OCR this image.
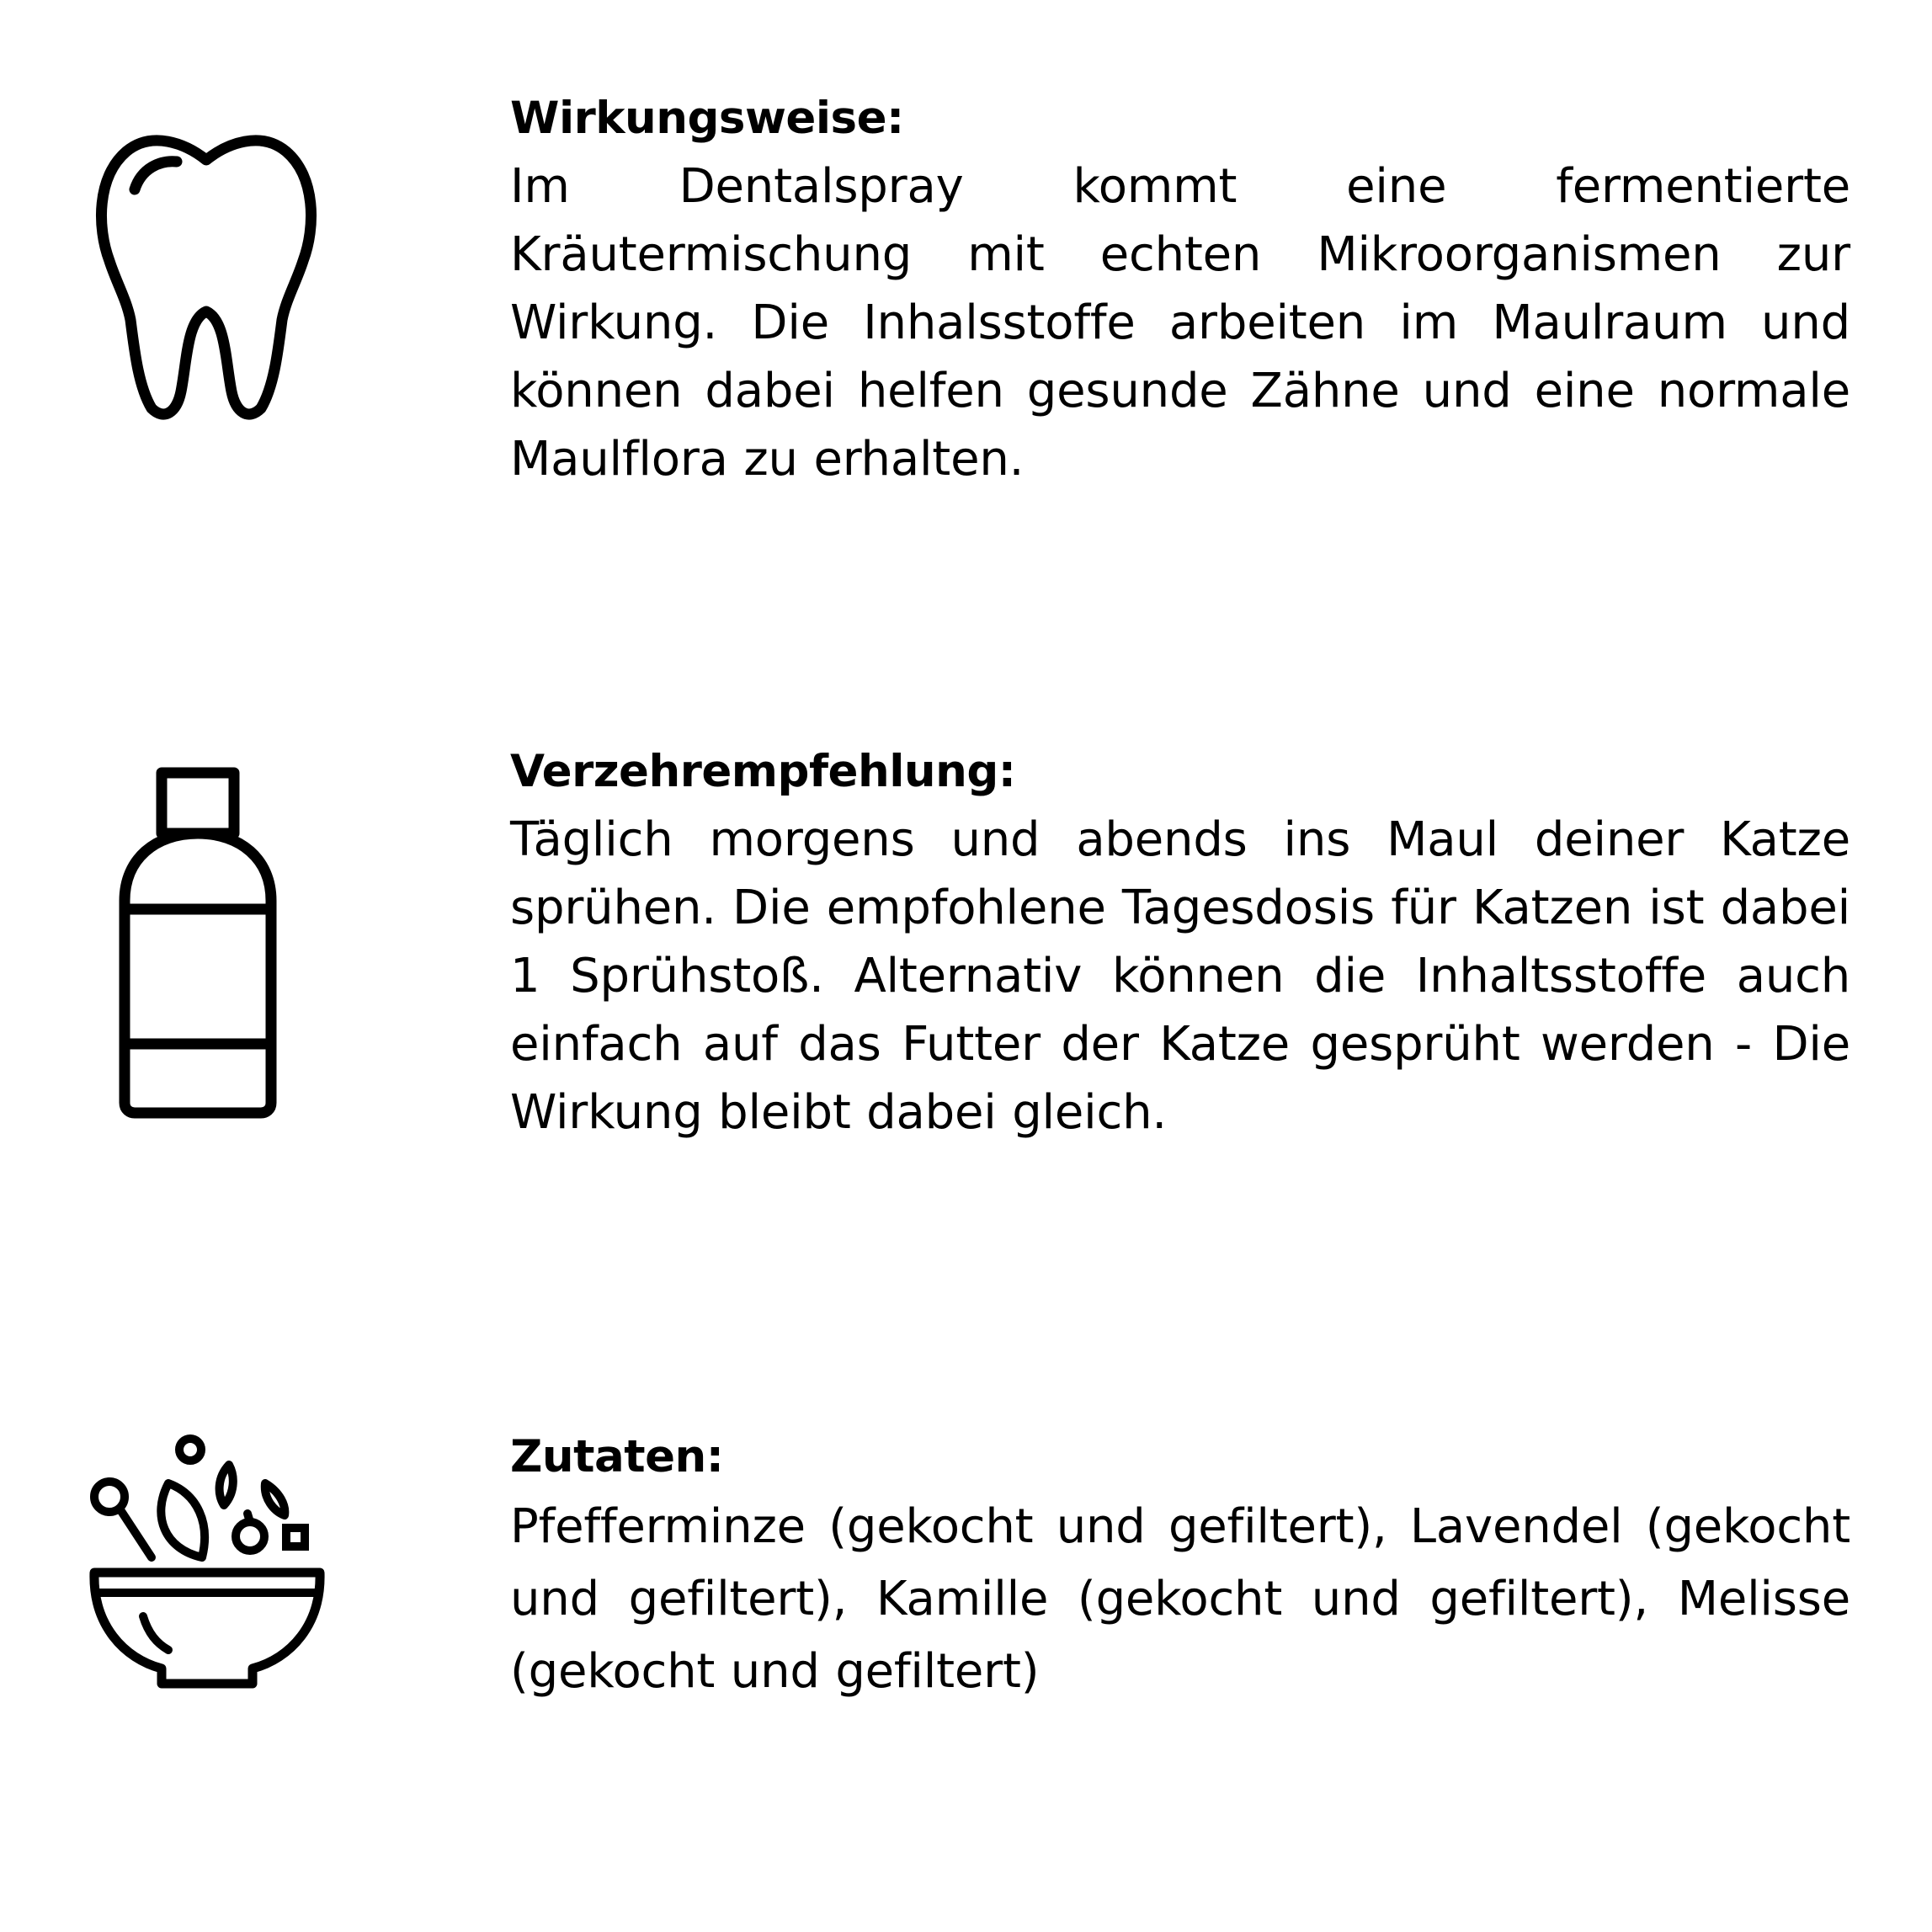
Wirkungsweise:

Im Dentalspray kommt eine fermentierte Kräutermischung mit echten Mikroorganismen zur Wirkung. Die Inhalsstoffe arbeiten im Maulraum und können dabei helfen gesunde Zähne und eine normale Maulflora zu erhalten.

Verzehrempfehlung:

Täglich morgens und abends ins Maul deiner Katze sprühen. Die empfohlene Tagesdosis für Katzen ist dabei 1 Sprühstoß. Alternativ können die Inhaltsstoffe auch einfach auf das Futter der Katze gesprüht werden - Die Wirkung bleibt dabei gleich.

Zutaten:

Pfefferminze (gekocht und gefiltert), Lavendel (gekocht und gefiltert), Kamille (gekocht und gefiltert), Melisse (gekocht und gefiltert)
